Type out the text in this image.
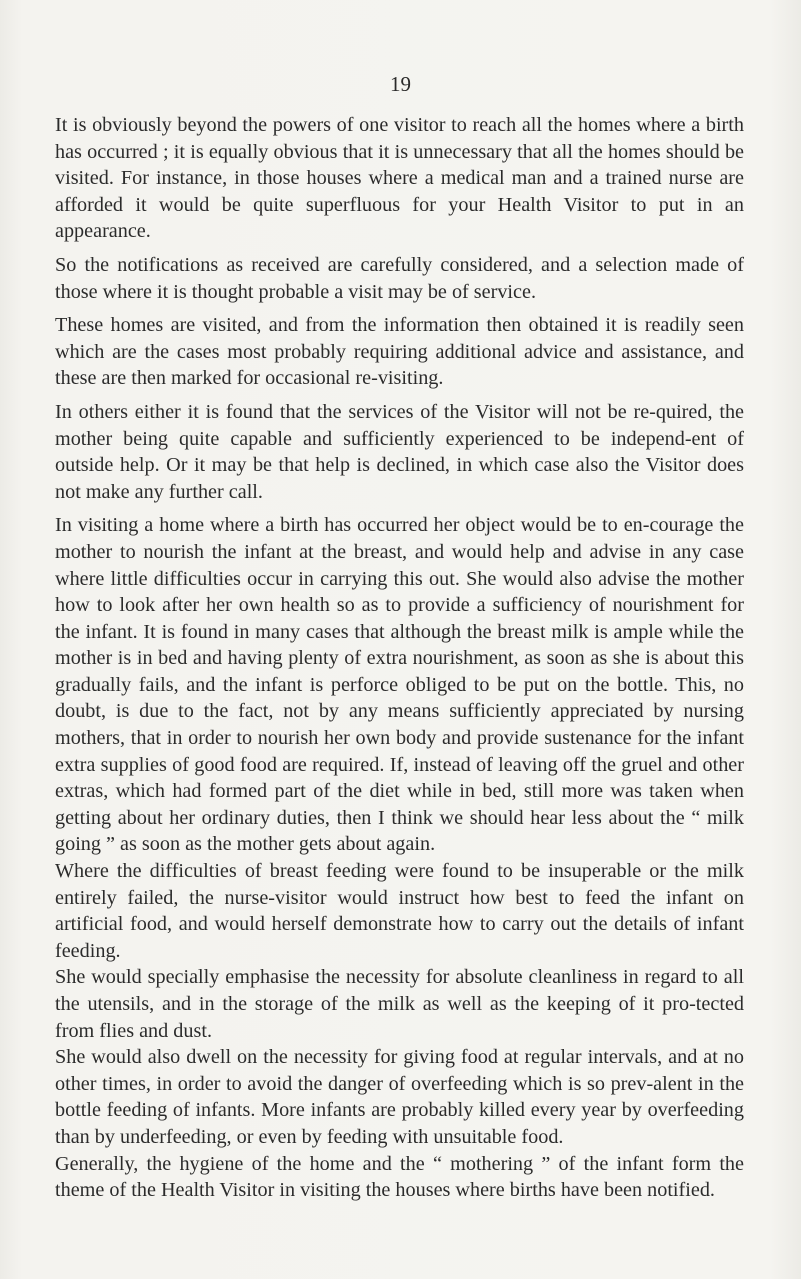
19

It is obviously beyond the powers of one visitor to reach all the homes where a birth has occurred ; it is equally obvious that it is unnecessary that all the homes should be visited. For instance, in those houses where a medical man and a trained nurse are afforded it would be quite superfluous for your Health Visitor to put in an appearance.

So the notifications as received are carefully considered, and a selection made of those where it is thought probable a visit may be of service.

These homes are visited, and from the information then obtained it is readily seen which are the cases most probably requiring additional advice and assistance, and these are then marked for occasional re-visiting.

In others either it is found that the services of the Visitor will not be re-quired, the mother being quite capable and sufficiently experienced to be independ-ent of outside help. Or it may be that help is declined, in which case also the Visitor does not make any further call.

In visiting a home where a birth has occurred her object would be to en-courage the mother to nourish the infant at the breast, and would help and advise in any case where little difficulties occur in carrying this out. She would also advise the mother how to look after her own health so as to provide a sufficiency of nourishment for the infant. It is found in many cases that although the breast milk is ample while the mother is in bed and having plenty of extra nourishment, as soon as she is about this gradually fails, and the infant is perforce obliged to be put on the bottle. This, no doubt, is due to the fact, not by any means sufficiently appreciated by nursing mothers, that in order to nourish her own body and provide sustenance for the infant extra supplies of good food are required. If, instead of leaving off the gruel and other extras, which had formed part of the diet while in bed, still more was taken when getting about her ordinary duties, then I think we should hear less about the “ milk going ” as soon as the mother gets about again.

Where the difficulties of breast feeding were found to be insuperable or the milk entirely failed, the nurse-visitor would instruct how best to feed the infant on artificial food, and would herself demonstrate how to carry out the details of infant feeding.

She would specially emphasise the necessity for absolute cleanliness in regard to all the utensils, and in the storage of the milk as well as the keeping of it pro-tected from flies and dust.

She would also dwell on the necessity for giving food at regular intervals, and at no other times, in order to avoid the danger of overfeeding which is so prev-alent in the bottle feeding of infants. More infants are probably killed every year by overfeeding than by underfeeding, or even by feeding with unsuitable food.

Generally, the hygiene of the home and the “ mothering ” of the infant form the theme of the Health Visitor in visiting the houses where births have been notified.
